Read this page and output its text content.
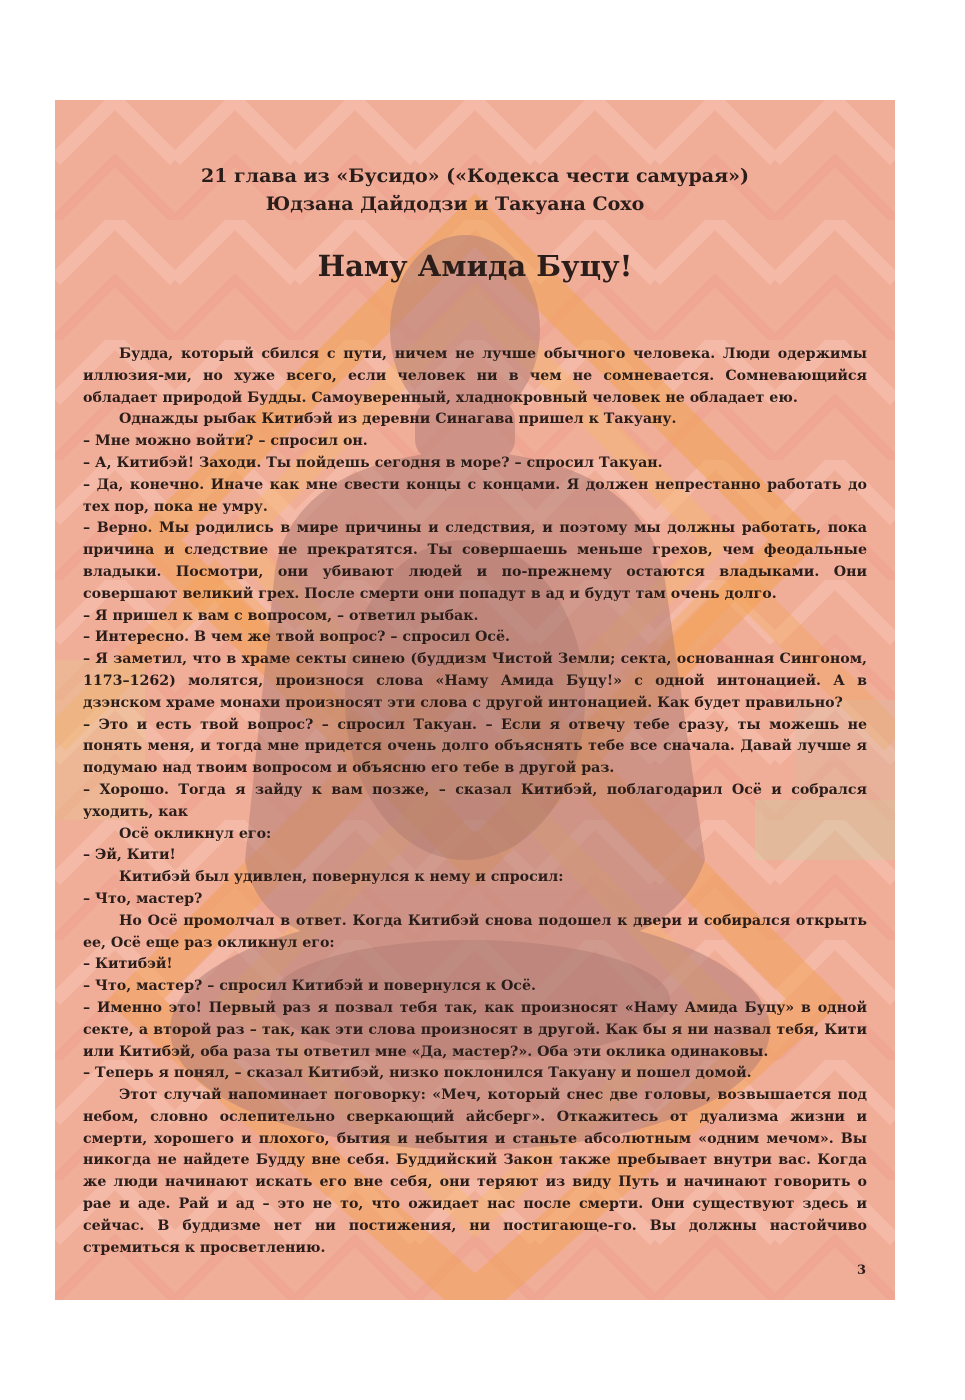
21 глава из «Бусидо» («Кодекса чести самурая»)
Юдзана Дайдодзи и Такуана Сохо
Наму Амида Буцу!

Будда, который сбился с пути, ничем не лучше обычного человека. Люди одержимы иллюзия-ми, но хуже всего, если человек ни в чем не сомневается. Сомневающийся обладает природой Будды. Самоуверенный, хладнокровный человек не обладает ею.

Однажды рыбак Китибэй из деревни Синагава пришел к Такуану.

– Мне можно войти? – спросил он.

– А, Китибэй! Заходи. Ты пойдешь сегодня в море? – спросил Такуан.

– Да, конечно. Иначе как мне свести концы с концами. Я должен непрестанно работать до тех пор, пока не умру.

– Верно. Мы родились в мире причины и следствия, и поэтому мы должны работать, пока причина и следствие не прекратятся. Ты совершаешь меньше грехов, чем феодальные владыки. Посмотри, они убивают людей и по-прежнему остаются владыками. Они совершают великий грех. После смерти они попадут в ад и будут там очень долго.

– Я пришел к вам с вопросом, – ответил рыбак.

– Интересно. В чем же твой вопрос? – спросил Осё.

– Я заметил, что в храме секты синею (буддизм Чистой Земли; секта, основанная Сингоном, 1173–1262) молятся, произнося слова «Наму Амида Буцу!» с одной интонацией. А в дзэнском храме монахи произносят эти слова с другой интонацией. Как будет правильно?

– Это и есть твой вопрос? – спросил Такуан. – Если я отвечу тебе сразу, ты можешь не понять меня, и тогда мне придется очень долго объяснять тебе все сначала. Давай лучше я подумаю над твоим вопросом и объясню его тебе в другой раз.

– Хорошо. Тогда я зайду к вам позже, – сказал Китибэй, поблагодарил Осё и собрался уходить, как

Осё окликнул его:

– Эй, Кити!

Китибэй был удивлен, повернулся к нему и спросил:

– Что, мастер?

Но Осё промолчал в ответ. Когда Китибэй снова подошел к двери и собирался открыть ее, Осё еще раз окликнул его:

– Китибэй!

– Что, мастер? – спросил Китибэй и повернулся к Осё.

– Именно это! Первый раз я позвал тебя так, как произносят «Наму Амида Буцу» в одной секте, а второй раз – так, как эти слова произносят в другой. Как бы я ни назвал тебя, Кити или Китибэй, оба раза ты ответил мне «Да, мастер?». Оба эти оклика одинаковы.

– Теперь я понял, – сказал Китибэй, низко поклонился Такуану и пошел домой.

Этот случай напоминает поговорку: «Меч, который снес две головы, возвышается под небом, словно ослепительно сверкающий айсберг». Откажитесь от дуализма жизни и смерти, хорошего и плохого, бытия и небытия и станьте абсолютным «одним мечом». Вы никогда не найдете Будду вне себя. Буддийский Закон также пребывает внутри вас. Когда же люди начинают искать его вне себя, они теряют из виду Путь и начинают говорить о рае и аде. Рай и ад – это не то, что ожидает нас после смерти. Они существуют здесь и сейчас. В буддизме нет ни постижения, ни постигающе-го. Вы должны настойчиво стремиться к просветлению.

3
